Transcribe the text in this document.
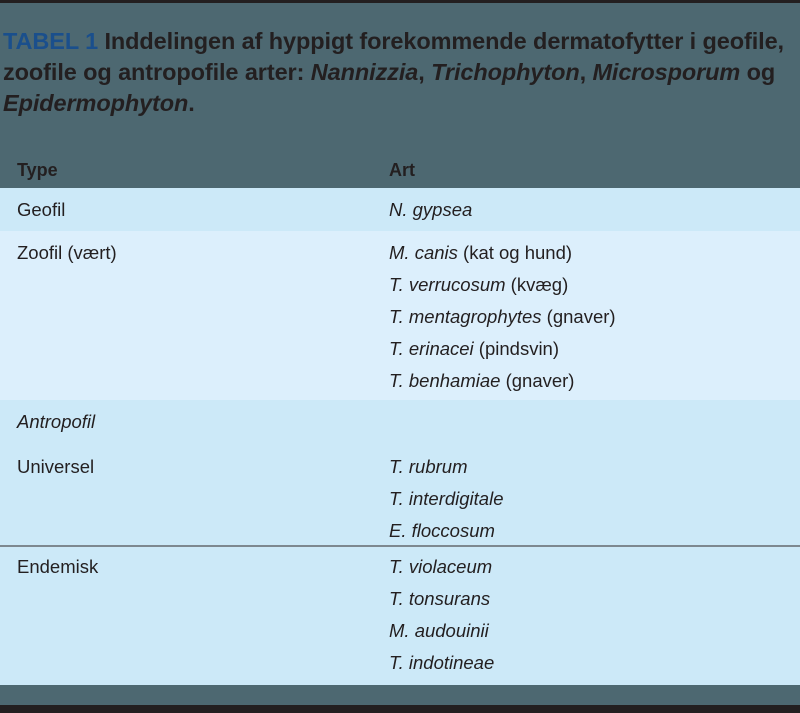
TABEL 1 Inddelingen af hyppigt forekommende dermatofytter i geofile, zoofile og antropofile arter: Nannizzia, Trichophyton, Microsporum og Epidermophyton.
Type	Art
Geofil	N. gypsea
Zoofil (vært)	M. canis (kat og hund)
T. verrucosum (kvæg)
T. mentagrophytes (gnaver)
T. erinacei (pindsvin)
T. benhamiae (gnaver)
Antropofil
Universel	T. rubrum
T. interdigitale
E. floccosum
Endemisk	T. violaceum
T. tonsurans
M. audouinii
T. indotineae
